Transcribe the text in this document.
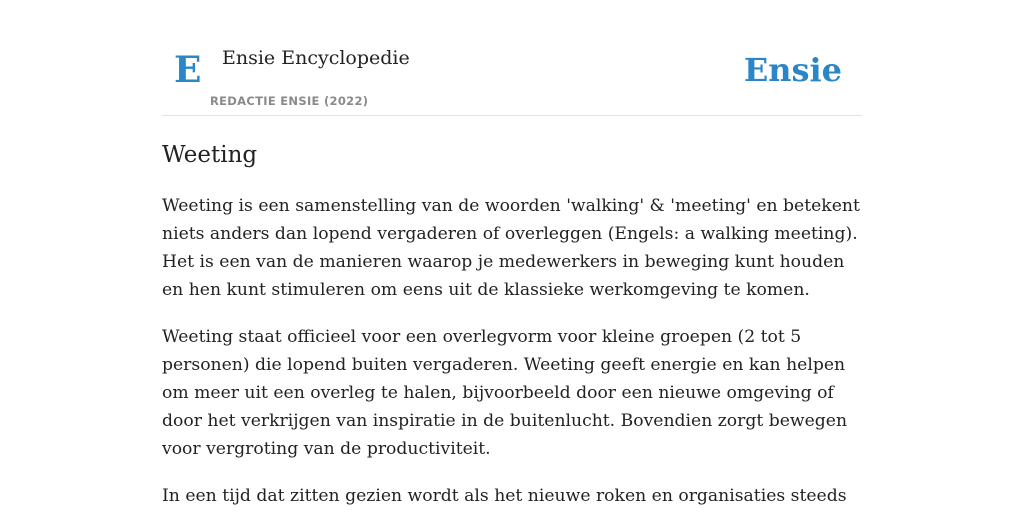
E Ensie Encyclopedie
REDACTIE ENSIE (2022)
Ensie
Weeting

Weeting is een samenstelling van de woorden 'walking' & 'meeting' en betekent niets anders dan lopend vergaderen of overleggen (Engels: a walking meeting). Het is een van de manieren waarop je medewerkers in beweging kunt houden en hen kunt stimuleren om eens uit de klassieke werkomgeving te komen.

Weeting staat officieel voor een overlegvorm voor kleine groepen (2 tot 5 personen) die lopend buiten vergaderen. Weeting geeft energie en kan helpen om meer uit een overleg te halen, bijvoorbeeld door een nieuwe omgeving of door het verkrijgen van inspiratie in de buitenlucht. Bovendien zorgt bewegen voor vergroting van de productiviteit.

In een tijd dat zitten gezien wordt als het nieuwe roken en organisaties steeds
